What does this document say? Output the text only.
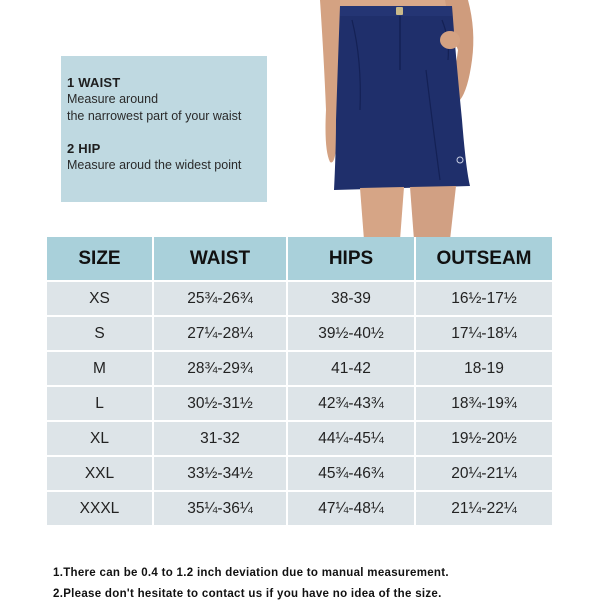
1 WAIST
Measure around
the narrowest part of your waist
2 HIP
Measure aroud the widest point
SIZE	WAIST	HIPS	OUTSEAM
XS	25¾-26¾	38-39	16½-17½
S	27¼-28¼	39½-40½	17¼-18¼
M	28¾-29¾	41-42	18-19
L	30½-31½	42¾-43¾	18¾-19¾
XL	31-32	44¼-45¼	19½-20½
XXL	33½-34½	45¾-46¾	20¼-21¼
XXXL	35¼-36¼	47¼-48¼	21¼-22¼
1.There can be 0.4 to 1.2 inch deviation due to manual measurement.
2.Please don't hesitate to contact us if you have no idea of the size.
